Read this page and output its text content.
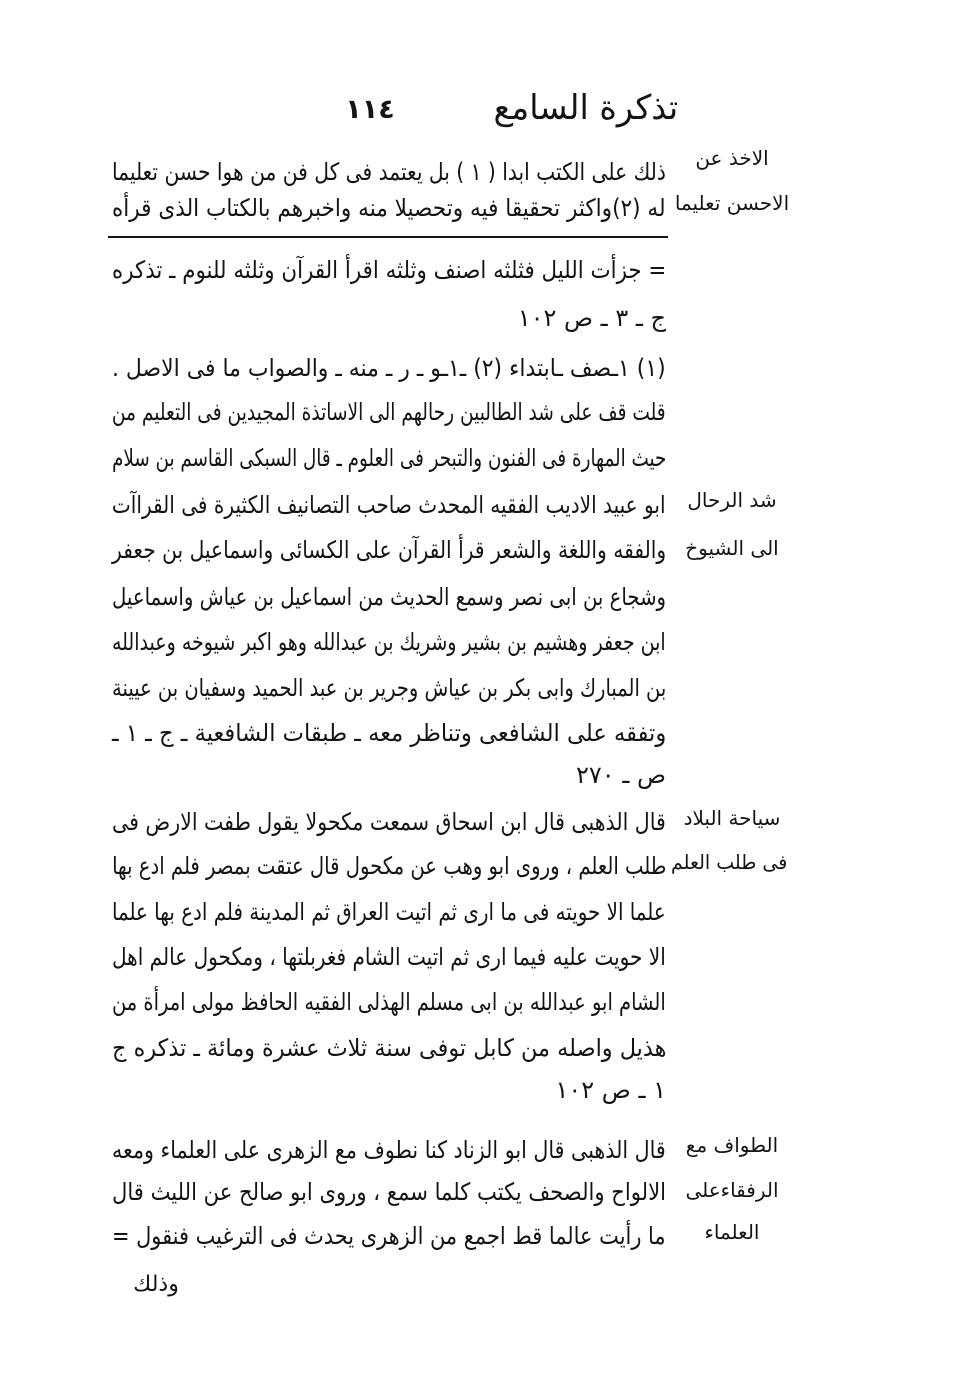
تذكرة السامع
١١٤
الاخذ عن
الاحسن تعليما
شد الرحال
الى الشيوخ
سياحة البلاد
فى طلب العلم
الطواف مع
الرفقاءعلى
العلماء
ذلك على الكتب ابدا ( ١ ) بل يعتمد فى كل فن من هوا حسن تعليما
له (٢)واكثر تحقيقا فيه وتحصيلا منه واخبرهم بالكتاب الذى قرأه
= جزأت الليل فثلثه اصنف وثلثه اقرأ القرآن وثلثه للنوم ـ تذكره
ج ـ ٣ ـ ص ١٠٢
(١) ١ـصف ـابتداء (٢) ـ١ـو ـ ر ـ منه ـ والصواب ما فى الاصل .
قلت قف على شد الطالبين رحالهم الى الاساتذة المجيدين فى التعليم من
حيث المهارة فى الفنون والتبحر فى العلوم ـ قال السبكى القاسم بن سلام
ابو عبيد الاديب الفقيه المحدث صاحب التصانيف الكثيرة فى القراآت
والفقه واللغة والشعر قرأ القرآن على الكسائى واسماعيل بن جعفر
وشجاع بن ابى نصر وسمع الحديث من اسماعيل بن عياش واسماعيل
ابن جعفر وهشيم بن بشير وشريك بن عبدالله وهو اكبر شيوخه وعبدالله
بن المبارك وابى بكر بن عياش وجرير بن عبد الحميد وسفيان بن عيينة
وتفقه على الشافعى وتناظر معه ـ طبقات الشافعية ـ ج ـ ١ ـ
ص ـ ٢٧٠
قال الذهبى قال ابن اسحاق سمعت مكحولا يقول طفت الارض فى
طلب العلم ، وروى ابو وهب عن مكحول قال عتقت بمصر فلم ادع بها
علما الا حويته فى ما ارى ثم اتيت العراق ثم المدينة فلم ادع بها علما
الا حويت عليه فيما ارى ثم اتيت الشام فغربلتها ، ومكحول عالم اهل
الشام ابو عبدالله بن ابى مسلم الهذلى الفقيه الحافظ مولى امرأة من
هذيل واصله من كابل توفى سنة ثلاث عشرة ومائة ـ تذكره ج
١ ـ ص ١٠٢
قال الذهبى قال ابو الزناد كنا نطوف مع الزهرى على العلماء ومعه
الالواح والصحف يكتب كلما سمع ، وروى ابو صالح عن الليث قال
ما رأيت عالما قط اجمع من الزهرى يحدث فى الترغيب فنقول =
وذلك
